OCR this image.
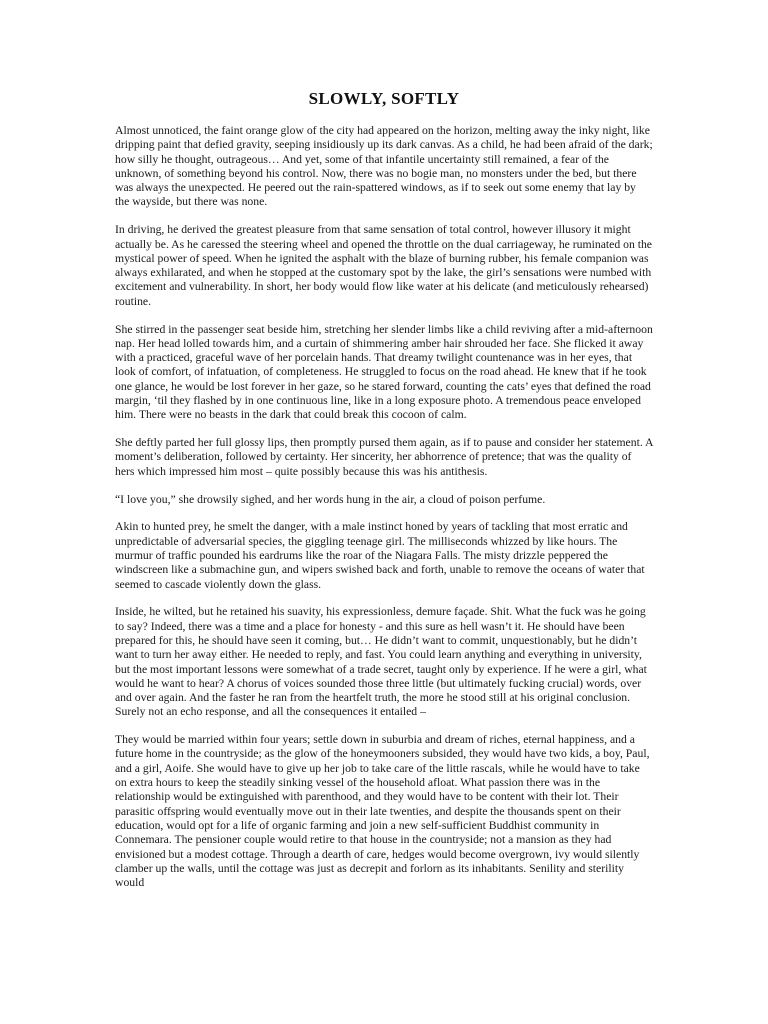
SLOWLY, SOFTLY

Almost unnoticed, the faint orange glow of the city had appeared on the horizon, melting away the inky night, like dripping paint that defied gravity, seeping insidiously up its dark canvas. As a child, he had been afraid of the dark; how silly he thought, outrageous… And yet, some of that infantile uncertainty still remained, a fear of the unknown, of something beyond his control. Now, there was no bogie man, no monsters under the bed, but there was always the unexpected. He peered out the rain-spattered windows, as if to seek out some enemy that lay by the wayside, but there was none.

In driving, he derived the greatest pleasure from that same sensation of total control, however illusory it might actually be. As he caressed the steering wheel and opened the throttle on the dual carriageway, he ruminated on the mystical power of speed. When he ignited the asphalt with the blaze of burning rubber, his female companion was always exhilarated, and when he stopped at the customary spot by the lake, the girl’s sensations were numbed with excitement and vulnerability. In short, her body would flow like water at his delicate (and meticulously rehearsed) routine.

She stirred in the passenger seat beside him, stretching her slender limbs like a child reviving after a mid-afternoon nap. Her head lolled towards him, and a curtain of shimmering amber hair shrouded her face. She flicked it away with a practiced, graceful wave of her porcelain hands. That dreamy twilight countenance was in her eyes, that look of comfort, of infatuation, of completeness. He struggled to focus on the road ahead. He knew that if he took one glance, he would be lost forever in her gaze, so he stared forward, counting the cats’ eyes that defined the road margin, ‘til they flashed by in one continuous line, like in a long exposure photo. A tremendous peace enveloped him. There were no beasts in the dark that could break this cocoon of calm.

She deftly parted her full glossy lips, then promptly pursed them again, as if to pause and consider her statement. A moment’s deliberation, followed by certainty. Her sincerity, her abhorrence of pretence; that was the quality of hers which impressed him most – quite possibly because this was his antithesis.

“I love you,” she drowsily sighed, and her words hung in the air, a cloud of poison perfume.

Akin to hunted prey, he smelt the danger, with a male instinct honed by years of tackling that most erratic and unpredictable of adversarial species, the giggling teenage girl. The milliseconds whizzed by like hours. The murmur of traffic pounded his eardrums like the roar of the Niagara Falls. The misty drizzle peppered the windscreen like a submachine gun, and wipers swished back and forth, unable to remove the oceans of water that seemed to cascade violently down the glass.

Inside, he wilted, but he retained his suavity, his expressionless, demure façade. Shit. What the fuck was he going to say? Indeed, there was a time and a place for honesty - and this sure as hell wasn’t it. He should have been prepared for this, he should have seen it coming, but… He didn’t want to commit, unquestionably, but he didn’t want to turn her away either. He needed to reply, and fast. You could learn anything and everything in university, but the most important lessons were somewhat of a trade secret, taught only by experience. If he were a girl, what would he want to hear? A chorus of voices sounded those three little (but ultimately fucking crucial) words, over and over again. And the faster he ran from the heartfelt truth, the more he stood still at his original conclusion. Surely not an echo response, and all the consequences it entailed –

They would be married within four years; settle down in suburbia and dream of riches, eternal happiness, and a future home in the countryside; as the glow of the honeymooners subsided, they would have two kids, a boy, Paul, and a girl, Aoife. She would have to give up her job to take care of the little rascals, while he would have to take on extra hours to keep the steadily sinking vessel of the household afloat. What passion there was in the relationship would be extinguished with parenthood, and they would have to be content with their lot. Their parasitic offspring would eventually move out in their late twenties, and despite the thousands spent on their education, would opt for a life of organic farming and join a new self-sufficient Buddhist community in Connemara. The pensioner couple would retire to that house in the countryside; not a mansion as they had envisioned but a modest cottage. Through a dearth of care, hedges would become overgrown, ivy would silently clamber up the walls, until the cottage was just as decrepit and forlorn as its inhabitants. Senility and sterility would
